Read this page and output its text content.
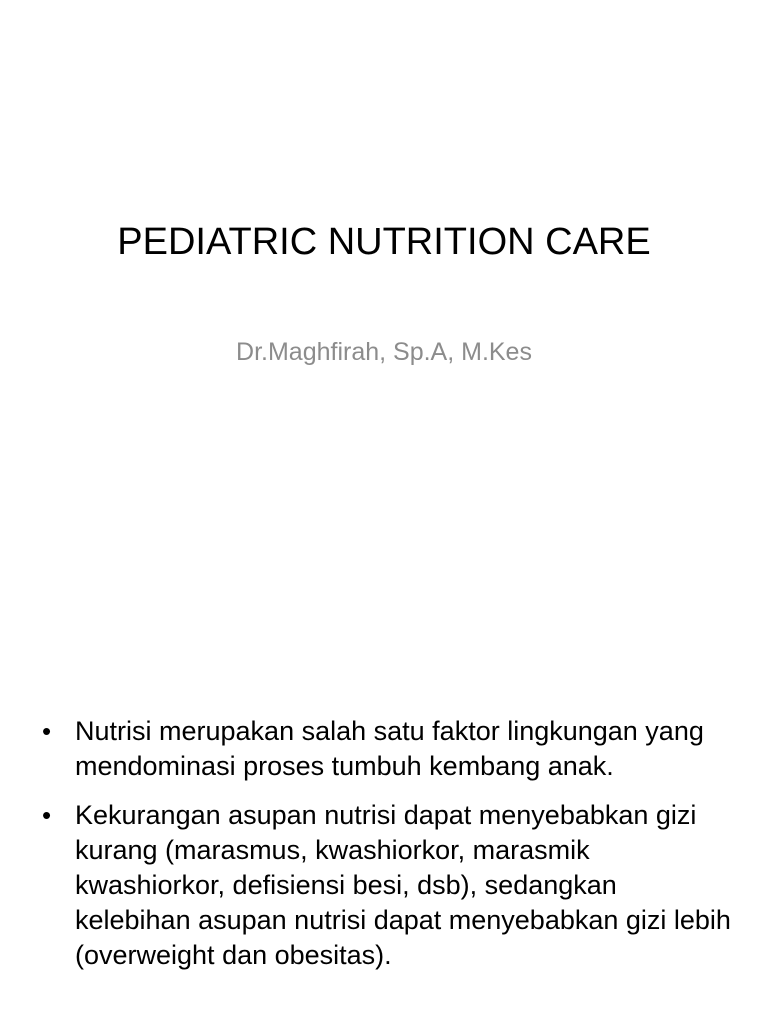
PEDIATRIC NUTRITION CARE

Dr.Maghfirah, Sp.A, M.Kes

• Nutrisi merupakan salah satu faktor lingkungan yang mendominasi proses tumbuh kembang anak.
• Kekurangan asupan nutrisi dapat menyebabkan gizi kurang (marasmus, kwashiorkor, marasmik kwashiorkor, defisiensi besi, dsb), sedangkan kelebihan asupan nutrisi dapat menyebabkan gizi lebih (overweight dan obesitas).
